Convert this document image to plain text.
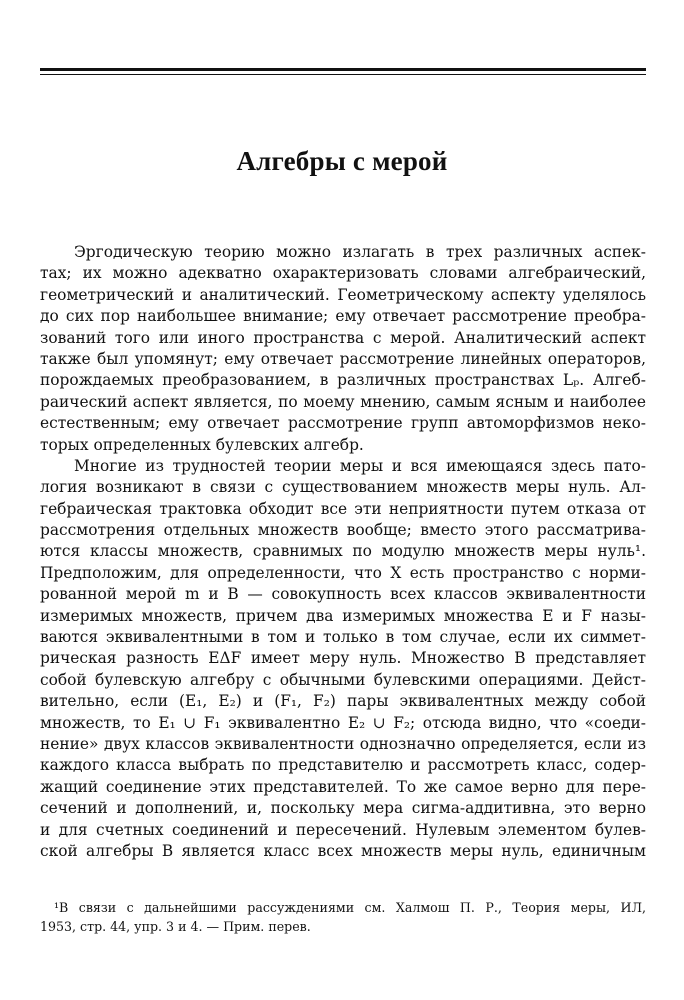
Алгебры с мерой
Эргодическую теорию можно излагать в трех различных аспек-
тах; их можно адекватно охарактеризовать словами алгебраический,
геометрический и аналитический. Геометрическому аспекту уделялось
до сих пор наибольшее внимание; ему отвечает рассмотрение преобра-
зований того или иного пространства с мерой. Аналитический аспект
также был упомянут; ему отвечает рассмотрение линейных операторов,
порождаемых преобразованием, в различных пространствах Lₚ. Алгеб-
раический аспект является, по моему мнению, самым ясным и наиболее
естественным; ему отвечает рассмотрение групп автоморфизмов неко-
торых определенных булевских алгебр.
Многие из трудностей теории меры и вся имеющаяся здесь пато-
логия возникают в связи с существованием множеств меры нуль. Ал-
гебраическая трактовка обходит все эти неприятности путем отказа от
рассмотрения отдельных множеств вообще; вместо этого рассматрива-
ются классы множеств, сравнимых по модулю множеств меры нуль¹.
Предположим, для определенности, что X есть пространство с норми-
рованной мерой m и B — совокупность всех классов эквивалентности
измеримых множеств, причем два измеримых множества E и F назы-
ваются эквивалентными в том и только в том случае, если их симмет-
рическая разность EΔF имеет меру нуль. Множество B представляет
собой булевскую алгебру с обычными булевскими операциями. Дейст-
вительно, если (E₁, E₂) и (F₁, F₂) пары эквивалентных между собой
множеств, то E₁ ∪ F₁ эквивалентно E₂ ∪ F₂; отсюда видно, что «соеди-
нение» двух классов эквивалентности однозначно определяется, если из
каждого класса выбрать по представителю и рассмотреть класс, содер-
жащий соединение этих представителей. То же самое верно для пере-
сечений и дополнений, и, поскольку мера сигма-аддитивна, это верно
и для счетных соединений и пересечений. Нулевым элементом булев-
ской алгебры B является класс всех множеств меры нуль, единичным
¹В связи с дальнейшими рассуждениями см. Халмош П. Р., Теория меры, ИЛ,
1953, стр. 44, упр. 3 и 4. — Прим. перев.
